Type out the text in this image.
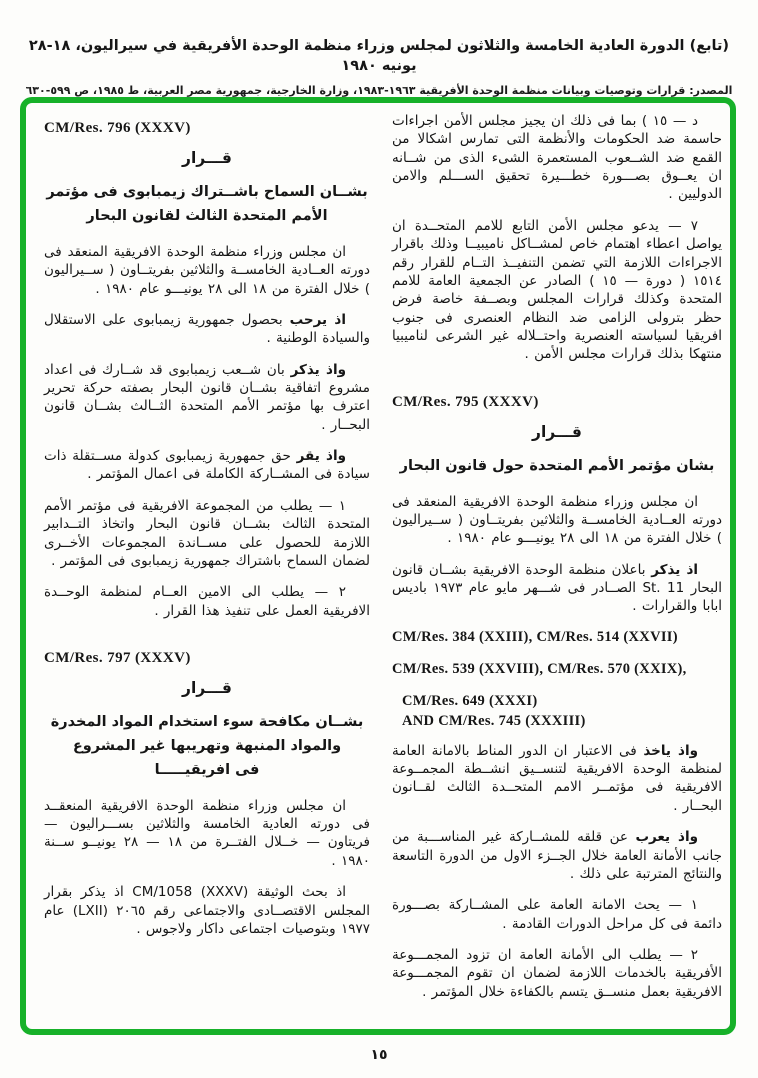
(تابع) الدورة العادية الخامسة والثلاثون لمجلس وزراء منظمة الوحدة الأفريقية في سيراليون، ١٨-٢٨ يونيه ١٩٨٠
المصدر: قرارات وتوصيات وبيانات منظمة الوحدة الأفريقية ١٩٦٣-١٩٨٣، وزارة الخارجية، جمهورية مصر العربية، ط ١٩٨٥، ص ٥٩٩-٦٣٠
CM/Res. 796 (XXXV)
قـــرار
بشــان السماح باشــتراك زيمبابوى فى مؤتمر
الأمم المتحدة الثالث لقانون البحار

ان مجلس وزراء منظمة الوحدة الافريقية المنعقد فى دورته العــادية الخامســة والثلاثين بفريتــاون ( ســيراليون ) خلال الفترة من ١٨ الى ٢٨ يونيـــو عام ١٩٨٠ .

اذ يرحب بحصول جمهورية زيمبابوى على الاستقلال والسيادة الوطنية .

واذ يذكر بان شــعب زيمبابوى قد شــارك فى اعداد مشروع اتفاقية بشــان قانون البحار بصفته حركة تحرير اعترف بها مؤتمر الأمم المتحدة الثــالث بشــان قانون البحــار .

واذ يقر حق جمهورية زيمبابوى كدولة مســتقلة ذات سيادة فى المشــاركة الكاملة فى اعمال المؤتمر .

١ — يطلب من المجموعة الافريقية فى مؤتمر الأمم المتحدة الثالث بشــان قانون البحار واتخاذ التــدابير اللازمة للحصول على مســاندة المجموعات الأخــرى لضمان السماح باشتراك جمهورية زيمبابوى فى المؤتمر .

٢ — يطلب الى الامين العــام لمنظمة الوحــدة الافريقية العمل على تنفيذ هذا القرار .

CM/Res. 797 (XXXV)
قـــرار
بشــان مكافحة سوء استخدام المواد المخدرة
والمواد المنبهة وتهريبها غير المشروع
فى افريقيـــــا

ان مجلس وزراء منظمة الوحدة الافريقية المنعقــد فى دورته العادية الخامسة والثلاثين بســـراليون — فريتاون — خــلال الفتــرة من ١٨ — ٢٨ يونيــو ســنة ١٩٨٠ .

اذ بحث الوثيقة CM/1058 (XXXV) اذ يذكر بقرار المجلس الاقتصــادى والاجتماعى رقم ٢٠٦٥ (LXII) عام ١٩٧٧ وبتوصيات اجتماعى داكار ولاجوس .

د — ١٥ ) بما فى ذلك ان يجيز مجلس الأمن اجراءات حاسمة ضد الحكومات والأنظمة التى تمارس اشكالا من القمع ضد الشــعوب المستعمرة الشىء الذى من شــانه ان يعــوق بصـــورة خطـــيرة تحقيق الســـلم والامن الدوليين .

٧ — يدعو مجلس الأمن التابع للامم المتحــدة ان يواصل اعطاء اهتمام خاص لمشــاكل ناميبيــا وذلك باقرار الاجراءات اللازمة التي تضمن التنفيــذ التــام للقرار رقم ١٥١٤ ( دورة — ١٥ ) الصادر عن الجمعية العامة للامم المتحدة وكذلك قرارات المجلس وبصــفة خاصة فرض حظر بترولى الزامى ضد النظام العنصرى فى جنوب افريقيا لسياسته العنصرية واحتــلاله غير الشرعى لناميبيا منتهكا بذلك قرارات مجلس الأمن .

CM/Res. 795 (XXXV)
قـــرار
بشان مؤتمر الأمم المتحدة حول قانون البحار

ان مجلس وزراء منظمة الوحدة الافريقية المنعقد فى دورته العــادية الخامســة والثلاثين بفريتــاون ( ســيراليون ) خلال الفترة من ١٨ الى ٢٨ يونيـــو عام ١٩٨٠ .

اذ يذكر باعلان منظمة الوحدة الافريقية بشــان قانون البحار St. 11 الصــادر فى شـــهر مايو عام ١٩٧٣ باديس ابابا والقرارات .

CM/Res. 384 (XXIII), CM/Res. 514 (XXVII)
CM/Res. 539 (XXVIII), CM/Res. 570 (XXIX),
CM/Res. 649 (XXXI)
AND CM/Res. 745 (XXXIII)

واذ ياخذ فى الاعتبار ان الدور المناط بالامانة العامة لمنظمة الوحدة الافريقية لتنســيق انشــطة المجمــوعة الافريقية فى مؤتمــر الامم المتحــدة الثالث لقــانون البحــار .

واذ يعرب عن قلقه للمشــاركة غير المناســـبة من جانب الأمانة العامة خلال الجــزء الاول من الدورة التاسعة والنتائج المترتبة على ذلك .

١ — يحث الامانة العامة على المشــاركة بصـــورة دائمة فى كل مراحل الدورات القادمة .

٢ — يطلب الى الأمانة العامة ان تزود المجمـــوعة الأفريقية بالخدمات اللازمة لضمان ان تقوم المجمـــوعة الافريقية بعمل منســق يتسم بالكفاءة خلال المؤتمر .

١٥
